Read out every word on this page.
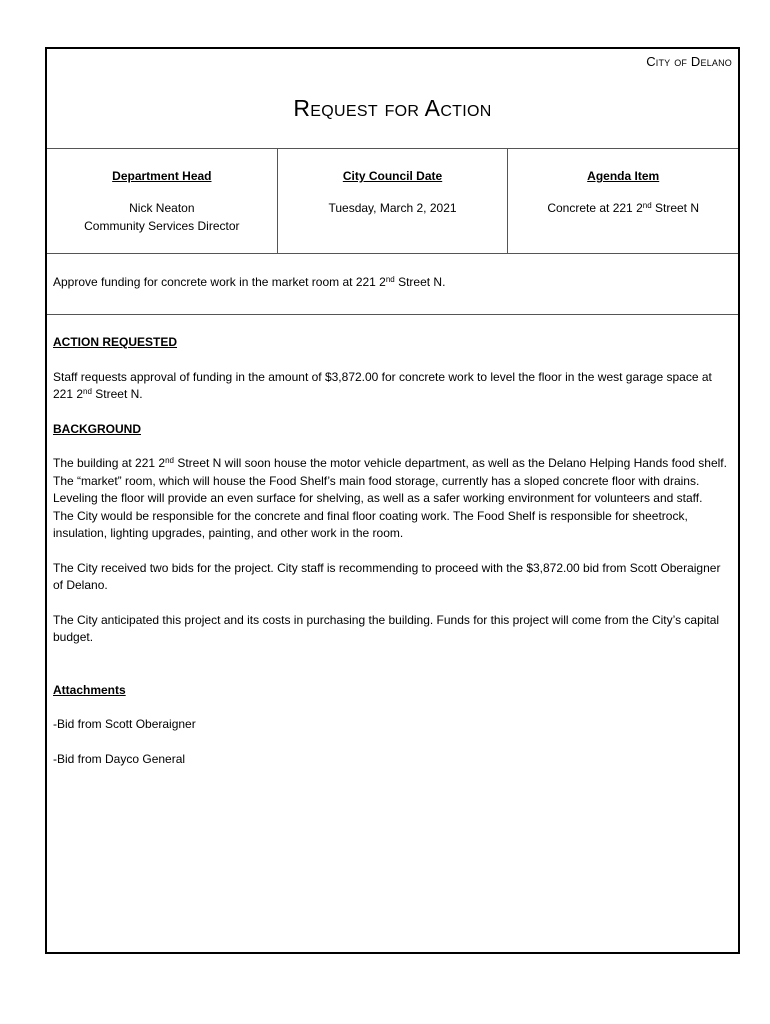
City of Delano
Request for Action
Department Head
Nick Neaton
Community Services Director
City Council Date
Tuesday, March 2, 2021
Agenda Item
Concrete at 221 2nd Street N
Approve funding for concrete work in the market room at 221 2nd Street N.

ACTION REQUESTED

Staff requests approval of funding in the amount of $3,872.00 for concrete work to level the floor in the west garage space at 221 2nd Street N.

BACKGROUND

The building at 221 2nd Street N will soon house the motor vehicle department, as well as the Delano Helping Hands food shelf.

The “market” room, which will house the Food Shelf’s main food storage, currently has a sloped concrete floor with drains. Leveling the floor will provide an even surface for shelving, as well as a safer working environment for volunteers and staff.

The City would be responsible for the concrete and final floor coating work. The Food Shelf is responsible for sheetrock, insulation, lighting upgrades, painting, and other work in the room.

The City received two bids for the project. City staff is recommending to proceed with the $3,872.00 bid from Scott Oberaigner of Delano.

The City anticipated this project and its costs in purchasing the building. Funds for this project will come from the City’s capital budget.

Attachments

-Bid from Scott Oberaigner

-Bid from Dayco General
